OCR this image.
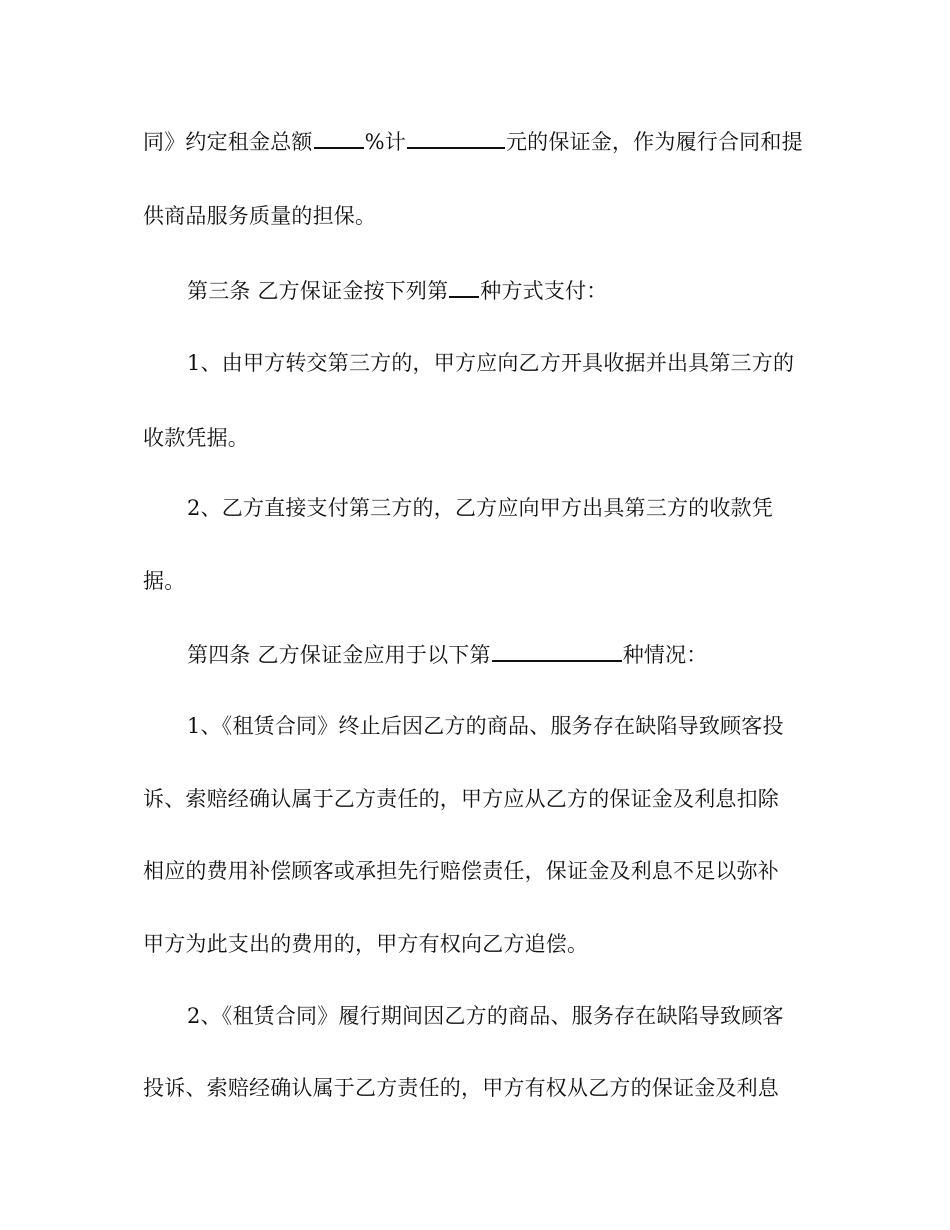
同》约定租金总额 %计	元的保证金，作为履行合同和提
供商品服务质量的担保。
第三条 乙方保证金按下列第 种方式支付：
1、由甲方转交第三方的，甲方应向乙方开具收据并出具第三方的
收款凭据。
2、乙方直接支付第三方的，乙方应向甲方出具第三方的收款凭
据。
第四条 乙方保证金应用于以下第	种情况：
1、《租赁合同》终止后因乙方的商品、服务存在缺陷导致顾客投
诉、索赔经确认属于乙方责任的，甲方应从乙方的保证金及利息扣除
相应的费用补偿顾客或承担先行赔偿责任，保证金及利息不足以弥补
甲方为此支出的费用的，甲方有权向乙方追偿。
2、《租赁合同》履行期间因乙方的商品、服务存在缺陷导致顾客
投诉、索赔经确认属于乙方责任的，甲方有权从乙方的保证金及利息
